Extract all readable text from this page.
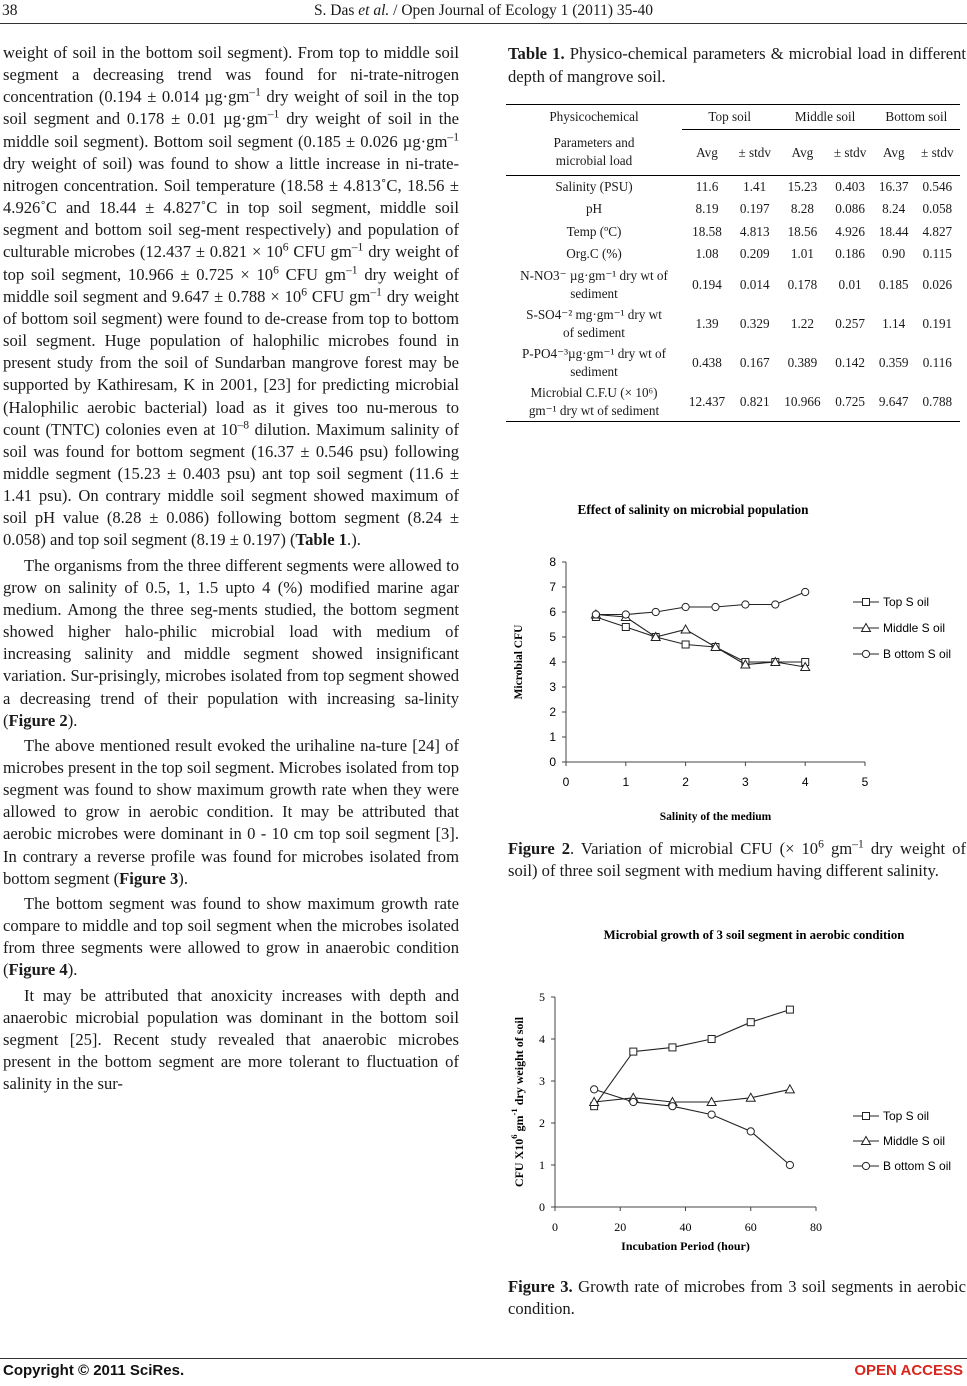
38	S. Das et al. / Open Journal of Ecology 1 (2011) 35-40

weight of soil in the bottom soil segment). From top to middle soil segment a decreasing trend was found for ni-trate-nitrogen concentration (0.194 ± 0.014 $\mu g\cdot gm^{-1}$ dry weight of soil in the top soil segment and 0.178 ± 0.01 $\mu g\cdot gm^{-1}$ dry weight of soil in the middle soil segment). Bottom soil segment (0.185 ± 0.026 $\mu g\cdot gm^{-1}$ dry weight of soil) was found to show a little increase in ni-trate-nitrogen concentration. Soil temperature (18.58 ± 4.813˚C, 18.56 ± 4.926˚C and 18.44 ± 4.827˚C in top soil segment, middle soil segment and bottom soil seg-ment respectively) and population of culturable microbes ($12.437 \pm 0.821 \times 10^6$ CFU $gm^{-1}$ dry weight of top soil segment, $10.966 \pm 0.725 \times 10^6$ CFU $gm^{-1}$ dry weight of middle soil segment and $9.647 \pm 0.788 \times 10^6$ CFU $gm^{-1}$ dry weight of bottom soil segment) were found to de-crease from top to bottom soil segment. Huge population of halophilic microbes found in present study from the soil of Sundarban mangrove forest may be supported by Kathiresam, K in 2001, [23] for predicting microbial (Halophilic aerobic bacterial) load as it gives too nu-merous to count (TNTC) colonies even at $10^{-8}$ dilution. Maximum salinity of soil was found for bottom segment (16.37 ± 0.546 psu) following middle segment (15.23 ± 0.403 psu) ant top soil segment (11.6 ± 1.41 psu). On contrary middle soil segment showed maximum of soil pH value (8.28 ± 0.086) following bottom segment (8.24 ± 0.058) and top soil segment (8.19 ± 0.197) (Table 1.).

The organisms from the three different segments were allowed to grow on salinity of 0.5, 1, 1.5 upto 4 (%) modified marine agar medium. Among the three seg-ments studied, the bottom segment showed higher halo-philic microbial load with medium of increasing salinity and middle segment showed insignificant variation. Sur-prisingly, microbes isolated from top segment showed a decreasing trend of their population with increasing sa-linity (Figure 2).

The above mentioned result evoked the urihaline na-ture [24] of microbes present in the top soil segment. Microbes isolated from top segment was found to show maximum growth rate when they were allowed to grow in aerobic condition. It may be attributed that aerobic microbes were dominant in 0 - 10 cm top soil segment [3]. In contrary a reverse profile was found for microbes isolated from bottom segment (Figure 3).

The bottom segment was found to show maximum growth rate compare to middle and top soil segment when the microbes isolated from three segments were allowed to grow in anaerobic condition (Figure 4).

It may be attributed that anoxicity increases with depth and anaerobic microbial population was dominant in the bottom soil segment [25]. Recent study revealed that anaerobic microbes present in the bottom segment are more tolerant to fluctuation of salinity in the sur-

Table 1. Physico-chemical parameters & microbial load in different depth of mangrove soil.
Physicochemical	Top soil		Middle soil		Bottom soil	
Parameters and
microbial load	Avg	± stdv	Avg	± stdv	Avg	± stdv
Salinity (PSU)	11.6	1.41	15.23	0.403	16.37	0.546
pH	8.19	0.197	8.28	0.086	8.24	0.058
Temp (ºC)	18.58	4.813	18.56	4.926	18.44	4.827
Org.C (%)	1.08	0.209	1.01	0.186	0.90	0.115
N-NO3⁻ µg·gm⁻¹ dry wt of
sediment	0.194	0.014	0.178	0.01	0.185	0.026
S-SO4⁻² mg·gm⁻¹ dry wt
of sediment	1.39	0.329	1.22	0.257	1.14	0.191
P-PO4⁻³µg·gm⁻¹ dry wt of
sediment	0.438	0.167	0.389	0.142	0.359	0.116
Microbial C.F.U (× 10⁶)
gm⁻¹ dry wt of sediment	12.437	0.821	10.966	0.725	9.647	0.788
Effect of salinity on microbial population
0	1	2	3	4	5
0
1
2
3
4
5
6
7
8
Salinity of the medium
Microbial CFU
Top S oil
Middle S oil
B ottom S oil
Figure 2. Variation of microbial CFU (× $10^6$ $gm^{-1}$ dry weight of soil) of three soil segment with medium having different salinity.
Microbial growth of 3 soil segment in aerobic condition
0	20	40	60	80
0
1
2
3
4
5
Incubation Period (hour)
CFU $X10^6$ $gm^{-1}$ dry weight of soil
Top S oil
Middle S oil
B ottom S oil
Figure 3. Growth rate of microbes from 3 soil segments in aerobic condition.
Copyright © 2011 SciRes.	OPEN ACCESS
